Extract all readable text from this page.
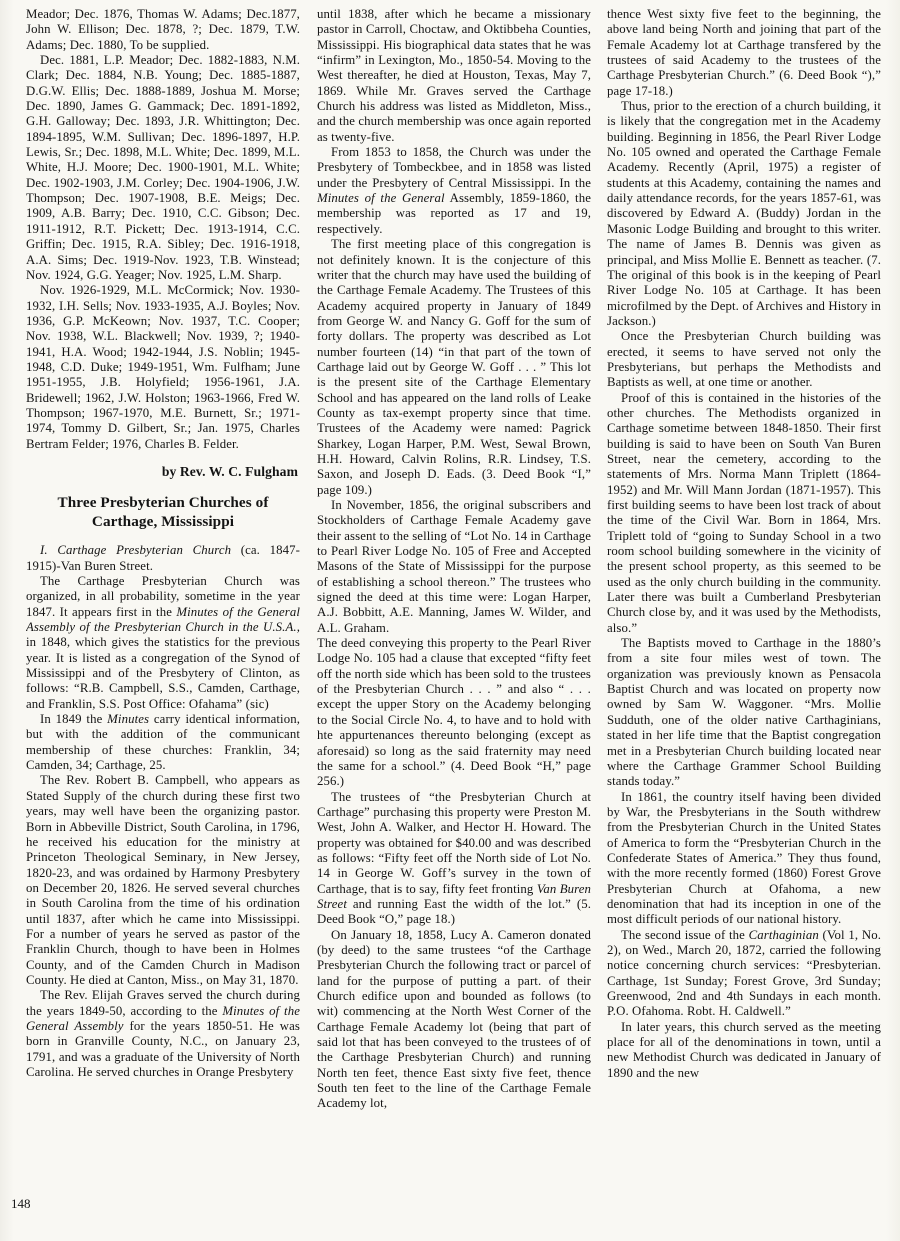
Meador; Dec. 1876, Thomas W. Adams; Dec.1877, John W. Ellison; Dec. 1878, ?; Dec. 1879, T.W. Adams; Dec. 1880, To be supplied.

Dec. 1881, L.P. Meador; Dec. 1882-1883, N.M. Clark; Dec. 1884, N.B. Young; Dec. 1885-1887, D.G.W. Ellis; Dec. 1888-1889, Joshua M. Morse; Dec. 1890, James G. Gammack; Dec. 1891-1892, G.H. Galloway; Dec. 1893, J.R. Whittington; Dec. 1894-1895, W.M. Sullivan; Dec. 1896-1897, H.P. Lewis, Sr.; Dec. 1898, M.L. White; Dec. 1899, M.L. White, H.J. Moore; Dec. 1900-1901, M.L. White; Dec. 1902-1903, J.M. Corley; Dec. 1904-1906, J.W. Thompson; Dec. 1907-1908, B.E. Meigs; Dec. 1909, A.B. Barry; Dec. 1910, C.C. Gibson; Dec. 1911-1912, R.T. Pickett; Dec. 1913-1914, C.C. Griffin; Dec. 1915, R.A. Sibley; Dec. 1916-1918, A.A. Sims; Dec. 1919-Nov. 1923, T.B. Winstead; Nov. 1924, G.G. Yeager; Nov. 1925, L.M. Sharp.

Nov. 1926-1929, M.L. McCormick; Nov. 1930-1932, I.H. Sells; Nov. 1933-1935, A.J. Boyles; Nov. 1936, G.P. McKeown; Nov. 1937, T.C. Cooper; Nov. 1938, W.L. Blackwell; Nov. 1939, ?; 1940-1941, H.A. Wood; 1942-1944, J.S. Noblin; 1945-1948, C.D. Duke; 1949-1951, Wm. Fulfham; June 1951-1955, J.B. Holyfield; 1956-1961, J.A. Bridewell; 1962, J.W. Holston; 1963-1966, Fred W. Thompson; 1967-1970, M.E. Burnett, Sr.; 1971-1974, Tommy D. Gilbert, Sr.; Jan. 1975, Charles Bertram Felder; 1976, Charles B. Felder.

by Rev. W. C. Fulgham

Three Presbyterian Churches of Carthage, Mississippi

I. Carthage Presbyterian Church (ca. 1847-1915)-Van Buren Street.

The Carthage Presbyterian Church was organized, in all probability, sometime in the year 1847. It appears first in the Minutes of the General Assembly of the Presbyterian Church in the U.S.A., in 1848, which gives the statistics for the previous year. It is listed as a congregation of the Synod of Mississippi and of the Presbytery of Clinton, as follows: “R.B. Campbell, S.S., Camden, Carthage, and Franklin, S.S. Post Office: Ofahama” (sic)

In 1849 the Minutes carry identical information, but with the addition of the communicant membership of these churches: Franklin, 34; Camden, 34; Carthage, 25.

The Rev. Robert B. Campbell, who appears as Stated Supply of the church during these first two years, may well have been the organizing pastor. Born in Abbeville District, South Carolina, in 1796, he received his education for the ministry at Princeton Theological Seminary, in New Jersey, 1820-23, and was ordained by Harmony Presbytery on December 20, 1826. He served several churches in South Carolina from the time of his ordination until 1837, after which he came into Mississippi. For a number of years he served as pastor of the Franklin Church, though to have been in Holmes County, and of the Camden Church in Madison County. He died at Canton, Miss., on May 31, 1870.

The Rev. Elijah Graves served the church during the years 1849-50, according to the Minutes of the General Assembly for the years 1850-51. He was born in Granville County, N.C., on January 23, 1791, and was a graduate of the University of North Carolina. He served churches in Orange Presbytery

until 1838, after which he became a missionary pastor in Carroll, Choctaw, and Oktibbeha Counties, Mississippi. His biographical data states that he was “infirm” in Lexington, Mo., 1850-54. Moving to the West thereafter, he died at Houston, Texas, May 7, 1869. While Mr. Graves served the Carthage Church his address was listed as Middleton, Miss., and the church membership was once again reported as twenty-five.

From 1853 to 1858, the Church was under the Presbytery of Tombeckbee, and in 1858 was listed under the Presbytery of Central Mississippi. In the Minutes of the General Assembly, 1859-1860, the membership was reported as 17 and 19, respectively.

The first meeting place of this congregation is not definitely known. It is the conjecture of this writer that the church may have used the building of the Carthage Female Academy. The Trustees of this Academy acquired property in January of 1849 from George W. and Nancy G. Goff for the sum of forty dollars. The property was described as Lot number fourteen (14) “in that part of the town of Carthage laid out by George W. Goff . . . ” This lot is the present site of the Carthage Elementary School and has appeared on the land rolls of Leake County as tax-exempt property since that time. Trustees of the Academy were named: Pagrick Sharkey, Logan Harper, P.M. West, Sewal Brown, H.H. Howard, Calvin Rolins, R.R. Lindsey, T.S. Saxon, and Joseph D. Eads. (3. Deed Book “I,” page 109.)

In November, 1856, the original subscribers and Stockholders of Carthage Female Academy gave their assent to the selling of “Lot No. 14 in Carthage to Pearl River Lodge No. 105 of Free and Accepted Masons of the State of Mississippi for the purpose of establishing a school thereon.” The trustees who signed the deed at this time were: Logan Harper, A.J. Bobbitt, A.E. Manning, James W. Wilder, and A.L. Graham.

The deed conveying this property to the Pearl River Lodge No. 105 had a clause that excepted “fifty feet off the north side which has been sold to the trustees of the Presbyterian Church . . . ” and also “ . . . except the upper Story on the Academy belonging to the Social Circle No. 4, to have and to hold with hte appurtenances thereunto belonging (except as aforesaid) so long as the said fraternity may need the same for a school.” (4. Deed Book “H,” page 256.)

The trustees of “the Presbyterian Church at Carthage” purchasing this property were Preston M. West, John A. Walker, and Hector H. Howard. The property was obtained for $40.00 and was described as follows: “Fifty feet off the North side of Lot No. 14 in George W. Goff’s survey in the town of Carthage, that is to say, fifty feet fronting Van Buren Street and running East the width of the lot.” (5. Deed Book “O,” page 18.)

On January 18, 1858, Lucy A. Cameron donated (by deed) to the same trustees “of the Carthage Presbyterian Church the following tract or parcel of land for the purpose of putting a part. of their Church edifice upon and bounded as follows (to wit) commencing at the North West Corner of the Carthage Female Academy lot (being that part of said lot that has been conveyed to the trustees of of the Carthage Presbyterian Church) and running North ten feet, thence East sixty five feet, thence South ten feet to the line of the Carthage Female Academy lot,

thence West sixty five feet to the beginning, the above land being North and joining that part of the Female Academy lot at Carthage transfered by the trustees of said Academy to the trustees of the Carthage Presbyterian Church.” (6. Deed Book “),” page 17-18.)

Thus, prior to the erection of a church building, it is likely that the congregation met in the Academy building. Beginning in 1856, the Pearl River Lodge No. 105 owned and operated the Carthage Female Academy. Recently (April, 1975) a register of students at this Academy, containing the names and daily attendance records, for the years 1857-61, was discovered by Edward A. (Buddy) Jordan in the Masonic Lodge Building and brought to this writer. The name of James B. Dennis was given as principal, and Miss Mollie E. Bennett as teacher. (7. The original of this book is in the keeping of Pearl River Lodge No. 105 at Carthage. It has been microfilmed by the Dept. of Archives and History in Jackson.)

Once the Presbyterian Church building was erected, it seems to have served not only the Presbyterians, but perhaps the Methodists and Baptists as well, at one time or another.

Proof of this is contained in the histories of the other churches. The Methodists organized in Carthage sometime between 1848-1850. Their first building is said to have been on South Van Buren Street, near the cemetery, according to the statements of Mrs. Norma Mann Triplett (1864-1952) and Mr. Will Mann Jordan (1871-1957). This first building seems to have been lost track of about the time of the Civil War. Born in 1864, Mrs. Triplett told of “going to Sunday School in a two room school building somewhere in the vicinity of the present school property, as this seemed to be used as the only church building in the community. Later there was built a Cumberland Presbyterian Church close by, and it was used by the Methodists, also.”

The Baptists moved to Carthage in the 1880’s from a site four miles west of town. The organization was previously known as Pensacola Baptist Church and was located on property now owned by Sam W. Waggoner. “Mrs. Mollie Sudduth, one of the older native Carthaginians, stated in her life time that the Baptist congregation met in a Presbyterian Church building located near where the Carthage Grammer School Building stands today.”

In 1861, the country itself having been divided by War, the Presbyterians in the South withdrew from the Presbyterian Church in the United States of America to form the “Presbyterian Church in the Confederate States of America.” They thus found, with the more recently formed (1860) Forest Grove Presbyterian Church at Ofahoma, a new denomination that had its inception in one of the most difficult periods of our national history.

The second issue of the Carthaginian (Vol 1, No. 2), on Wed., March 20, 1872, carried the following notice concerning church services: “Presbyterian. Carthage, 1st Sunday; Forest Grove, 3rd Sunday; Greenwood, 2nd and 4th Sundays in each month. P.O. Ofahoma. Robt. H. Caldwell.”

In later years, this church served as the meeting place for all of the denominations in town, until a new Methodist Church was dedicated in January of 1890 and the new

148
